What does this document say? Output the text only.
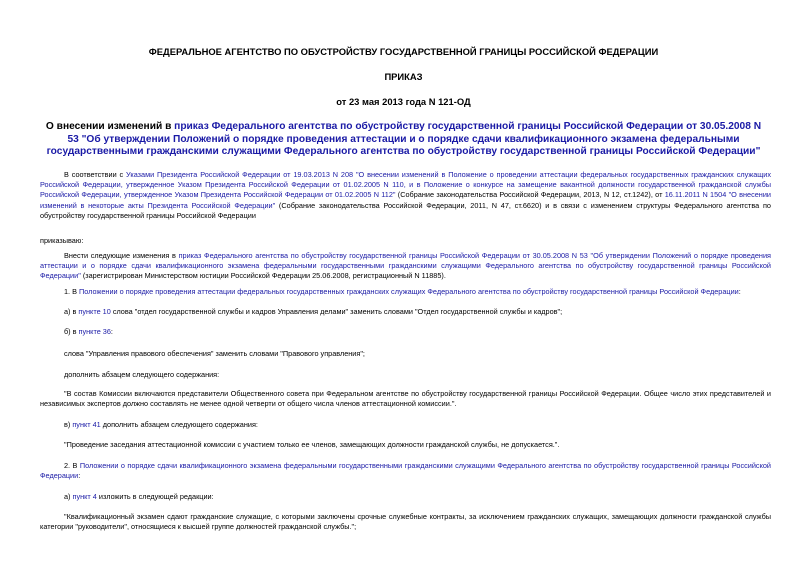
ФЕДЕРАЛЬНОЕ АГЕНТСТВО ПО ОБУСТРОЙСТВУ ГОСУДАРСТВЕННОЙ ГРАНИЦЫ РОССИЙСКОЙ ФЕДЕРАЦИИ
ПРИКАЗ
от 23 мая 2013 года N 121-ОД
О внесении изменений в приказ Федерального агентства по обустройству государственной границы Российской Федерации от 30.05.2008 N 53 "Об утверждении Положений о порядке проведения аттестации и о порядке сдачи квалификационного экзамена федеральными государственными гражданскими служащими Федерального агентства по обустройству государственной границы Российской Федерации"
В соответствии с Указами Президента Российской Федерации от 19.03.2013 N 208 "О внесении изменений в Положение о проведении аттестации федеральных государственных гражданских служащих Российской Федерации, утвержденное Указом Президента Российской Федерации от 01.02.2005 N 110, и в Положение о конкурсе на замещение вакантной должности государственной гражданской службы Российской Федерации, утвержденное Указом Президента Российской Федерации от 01.02.2005 N 112" (Собрание законодательства Российской Федерации, 2013, N 12, ст.1242), от 16.11.2011 N 1504 "О внесении изменений в некоторые акты Президента Российской Федерации" (Собрание законодательства Российской Федерации, 2011, N 47, ст.6620) и в связи с изменением структуры Федерального агентства по обустройству государственной границы Российской Федерации
приказываю:
Внести следующие изменения в приказ Федерального агентства по обустройству государственной границы Российской Федерации от 30.05.2008 N 53 "Об утверждении Положений о порядке проведения аттестации и о порядке сдачи квалификационного экзамена федеральными государственными гражданскими служащими Федерального агентства по обустройству государственной границы Российской Федерации" (зарегистрирован Министерством юстиции Российской Федерации 25.06.2008, регистрационный N 11885).
1. В Положении о порядке проведения аттестации федеральных государственных гражданских служащих Федерального агентства по обустройству государственной границы Российской Федерации:
а) в пункте 10 слова "отдел государственной службы и кадров Управления делами" заменить словами "Отдел государственной службы и кадров";
б) в пункте 36:
слова "Управления правового обеспечения" заменить словами "Правового управления";
дополнить абзацем следующего содержания:
"В состав Комиссии включаются представители Общественного совета при Федеральном агентстве по обустройству государственной границы Российской Федерации. Общее число этих представителей и независимых экспертов должно составлять не менее одной четверти от общего числа членов аттестационной комиссии.".
в) пункт 41 дополнить абзацем следующего содержания:
"Проведение заседания аттестационной комиссии с участием только ее членов, замещающих должности гражданской службы, не допускается.".
2. В Положении о порядке сдачи квалификационного экзамена федеральными государственными гражданскими служащими Федерального агентства по обустройству государственной границы Российской Федерации:
а) пункт 4 изложить в следующей редакции:
"Квалификационный экзамен сдают гражданские служащие, с которыми заключены срочные служебные контракты, за исключением гражданских служащих, замещающих должности гражданской службы категории "руководители", относящиеся к высшей группе должностей гражданской службы.";
